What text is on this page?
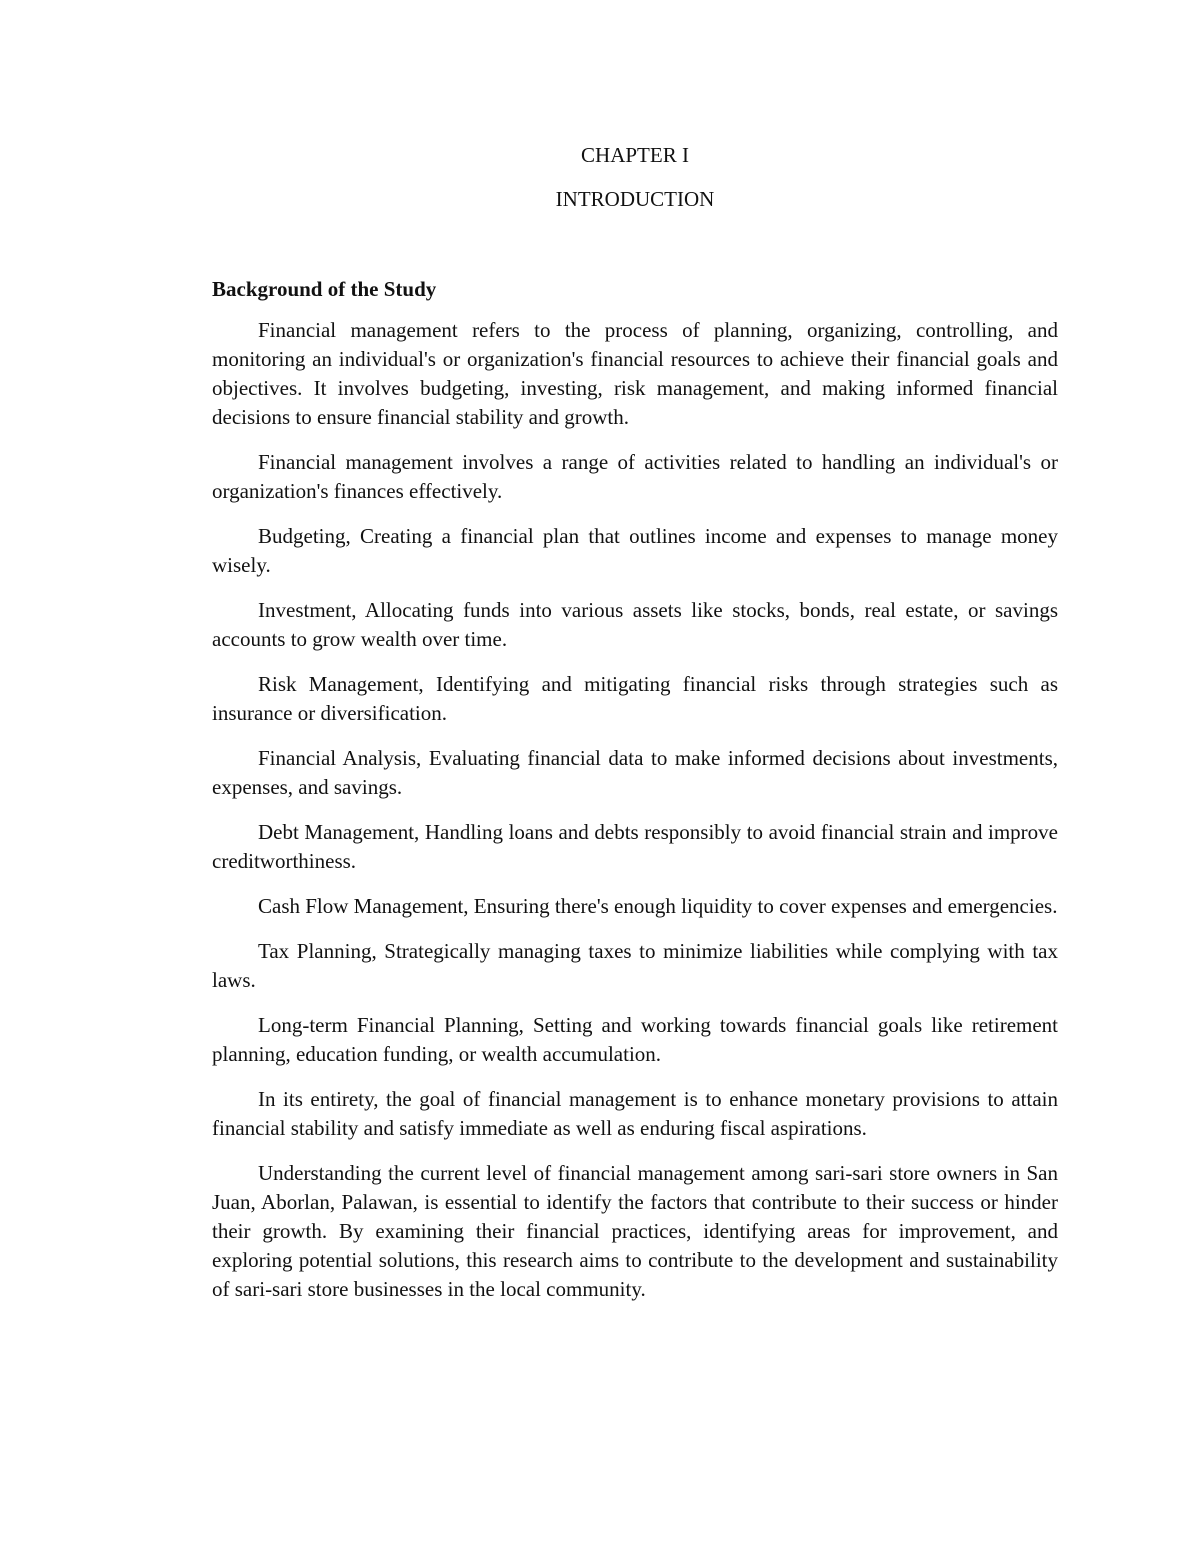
CHAPTER I

INTRODUCTION

Background of the Study

Financial management refers to the process of planning, organizing, controlling, and monitoring an individual's or organization's financial resources to achieve their financial goals and objectives. It involves budgeting, investing, risk management, and making informed financial decisions to ensure financial stability and growth.

Financial management involves a range of activities related to handling an individual's or organization's finances effectively.

Budgeting, Creating a financial plan that outlines income and expenses to manage money wisely.

Investment, Allocating funds into various assets like stocks, bonds, real estate, or savings accounts to grow wealth over time.

Risk Management, Identifying and mitigating financial risks through strategies such as insurance or diversification.

Financial Analysis, Evaluating financial data to make informed decisions about investments, expenses, and savings.

Debt Management, Handling loans and debts responsibly to avoid financial strain and improve creditworthiness.

Cash Flow Management, Ensuring there's enough liquidity to cover expenses and emergencies.

Tax Planning, Strategically managing taxes to minimize liabilities while complying with tax laws.

Long-term Financial Planning, Setting and working towards financial goals like retirement planning, education funding, or wealth accumulation.

In its entirety, the goal of financial management is to enhance monetary provisions to attain financial stability and satisfy immediate as well as enduring fiscal aspirations.

Understanding the current level of financial management among sari-sari store owners in San Juan, Aborlan, Palawan, is essential to identify the factors that contribute to their success or hinder their growth. By examining their financial practices, identifying areas for improvement, and exploring potential solutions, this research aims to contribute to the development and sustainability of sari-sari store businesses in the local community.
